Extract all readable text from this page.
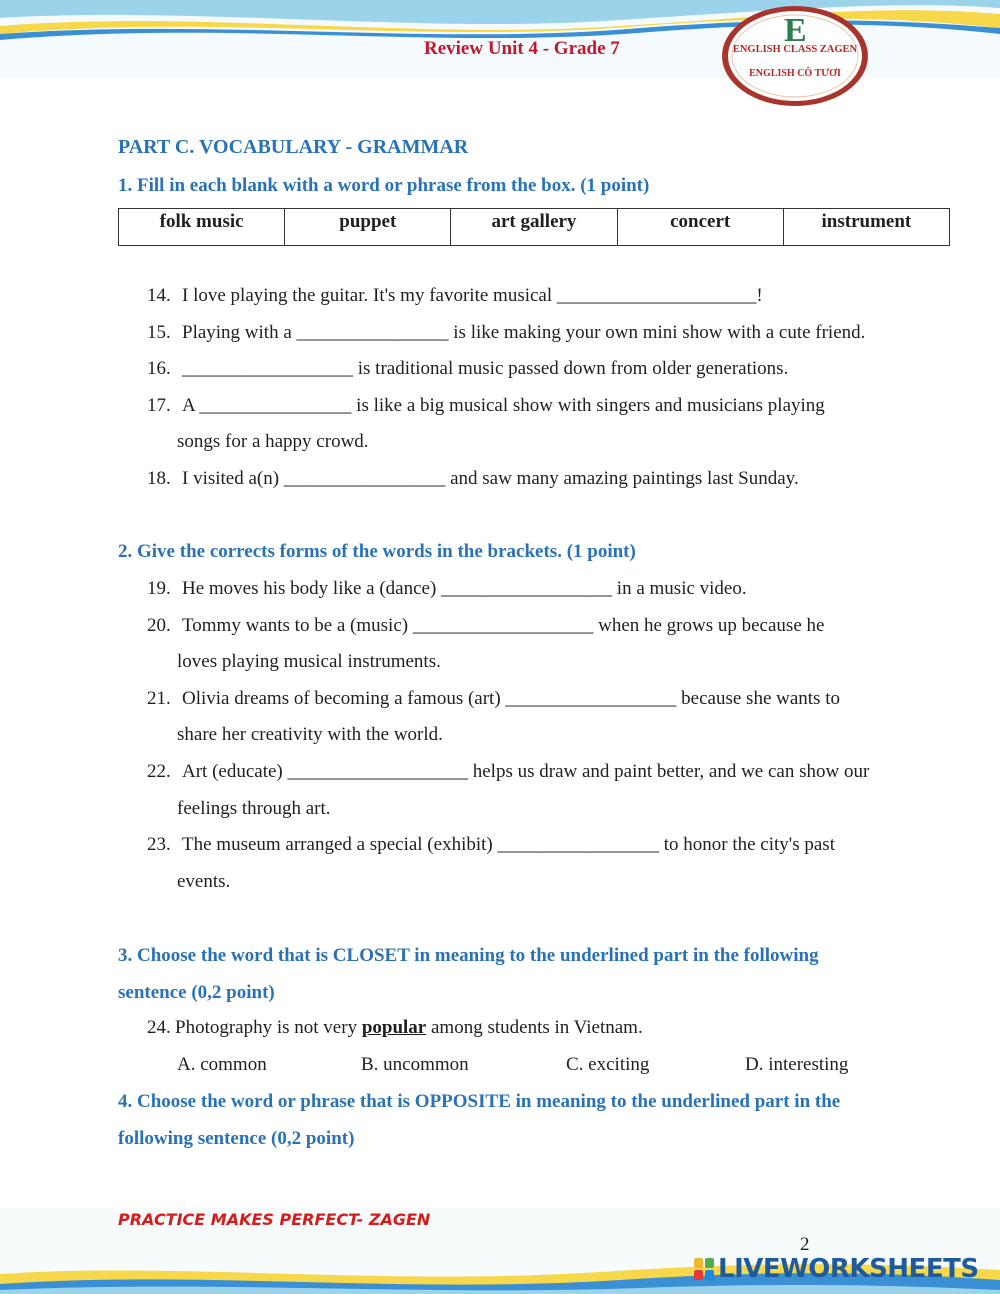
Review Unit 4 - Grade 7	E
ENGLISH CLASS ZAGEN
ENGLISH CÔ TƯƠI
PART C. VOCABULARY - GRAMMAR
1. Fill in each blank with a word or phrase from the box. (1 point)
folk music	puppet	art gallery	concert	instrument
14. I love playing the guitar. It's my favorite musical _____________________!
15. Playing with a ________________ is like making your own mini show with a cute friend.
16. __________________ is traditional music passed down from older generations.
17. A ________________ is like a big musical show with singers and musicians playing
songs for a happy crowd.
18. I visited a(n) _________________ and saw many amazing paintings last Sunday.
2. Give the corrects forms of the words in the brackets. (1 point)
19. He moves his body like a (dance) __________________ in a music video.
20. Tommy wants to be a (music) ___________________ when he grows up because he
loves playing musical instruments.
21. Olivia dreams of becoming a famous (art) __________________ because she wants to
share her creativity with the world.
22. Art (educate) ___________________ helps us draw and paint better, and we can show our
feelings through art.
23. The museum arranged a special (exhibit) _________________ to honor the city's past
events.
3. Choose the word that is CLOSET in meaning to the underlined part in the following
sentence (0,2 point)
24. Photography is not very popular among students in Vietnam.
A. common	B. uncommon	C. exciting	D. interesting
4. Choose the word or phrase that is OPPOSITE in meaning to the underlined part in the
following sentence (0,2 point)
PRACTICE MAKES PERFECT- ZAGEN
2
LIVEWORKSHEETS
